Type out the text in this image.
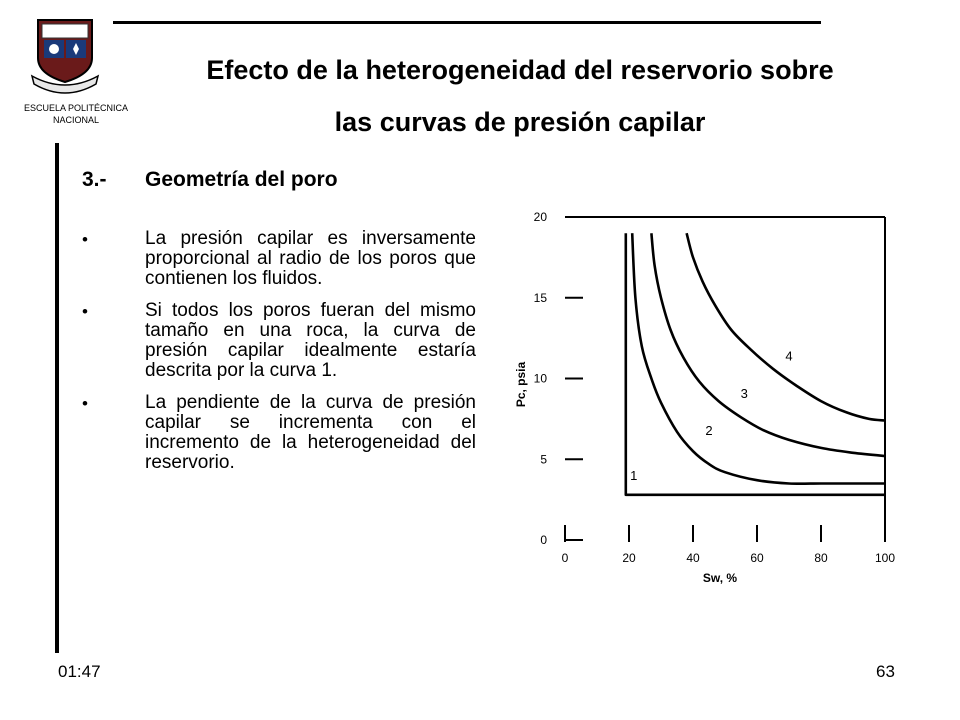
ESCUELA POLITÉCNICA
NACIONAL
Efecto de la heterogeneidad del reservorio sobre
las curvas de presión capilar
3.- Geometría del poro
•	La presión capilar es inversamente proporcional al radio de los poros que contienen los fluidos.
•	Si todos los poros fueran del mismo tamaño en una roca, la curva de presión capilar idealmente estaría descrita por la curva 1.
•	La pendiente de la curva de presión capilar se incrementa con el incremento de la heterogeneidad del reservorio.
0
5
10
15
20
0	20	40	60	80	100
Sw, %
Pc, psia
1
2
3
4
01:47	63
